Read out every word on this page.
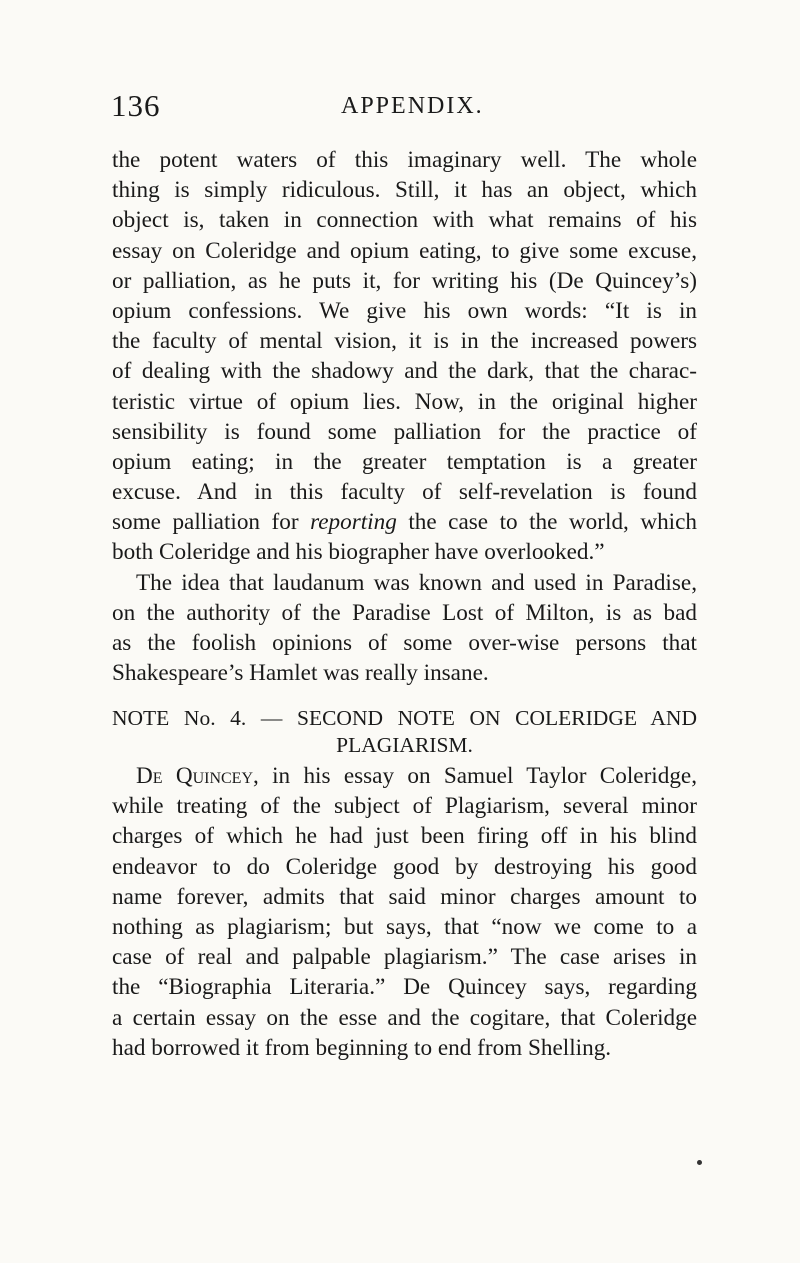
136	APPENDIX.
the potent waters of this imaginary well. The whole
thing is simply ridiculous. Still, it has an object, which
object is, taken in connection with what remains of his
essay on Coleridge and opium eating, to give some excuse,
or palliation, as he puts it, for writing his (De Quincey’s)
opium confessions. We give his own words: “It is in
the faculty of mental vision, it is in the increased powers
of dealing with the shadowy and the dark, that the charac-
teristic virtue of opium lies. Now, in the original higher
sensibility is found some palliation for the practice of
opium eating; in the greater temptation is a greater
excuse. And in this faculty of self-revelation is found
some palliation for reporting the case to the world, which
both Coleridge and his biographer have overlooked.”
The idea that laudanum was known and used in Paradise,
on the authority of the Paradise Lost of Milton, is as bad
as the foolish opinions of some over-wise persons that
Shakespeare’s Hamlet was really insane.
NOTE No. 4. — SECOND NOTE ON COLERIDGE AND
PLAGIARISM.
De Quincey, in his essay on Samuel Taylor Coleridge,
while treating of the subject of Plagiarism, several minor
charges of which he had just been firing off in his blind
endeavor to do Coleridge good by destroying his good
name forever, admits that said minor charges amount to
nothing as plagiarism; but says, that “now we come to a
case of real and palpable plagiarism.” The case arises in
the “Biographia Literaria.” De Quincey says, regarding
a certain essay on the esse and the cogitare, that Coleridge
had borrowed it from beginning to end from Shelling.
